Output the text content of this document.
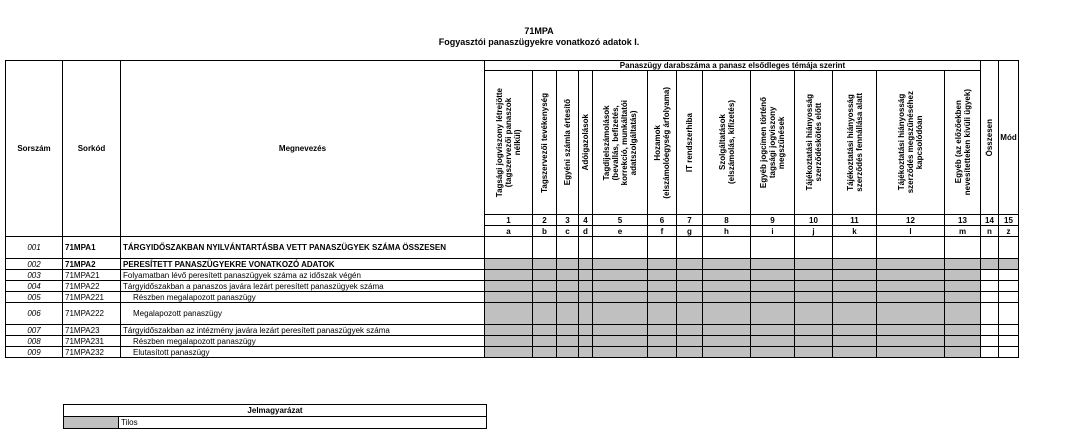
71MPA
Fogyasztói panaszügyekre vonatkozó adatok I.
Sorszám	Sorkód	Megnevezés	Panaszügy darabszáma a panasz elsődleges témája szerint													Összesen	Mód

			Tagsági jogviszony létrejötte
(tagszervezői panaszok
nélkül)	Tagszervezői tevékenység	Egyéni számla értesítő	Adóigazolások	Tagdíjelszámolások
(bevallás, befizetés,
korrekció, munkáltatói
adatszolgáltatás)	Hozamok
(elszámolóegység árfolyama)	IT rendszerhiba	Szolgáltatások
(elszámolás, kifizetés)	Egyéb jogcímen történő
tagsági jogviszony
megszűnések	Tájékoztatási hiányosság
szerződéskötés előtt	Tájékoztatási hiányosság
szerződés fennállása alatt	Tájékoztatási hiányosság
szerződés megszűnéséhez
kapcsolódóan	Egyéb (az előzőekben
nevesítetteken kívüli ügyek)		

			1	2	3	4	5	6	7	8	9	10	11	12	13	14	15
			a	b	c	d	e	f	g	h	i	j	k	l	m	n	z
001	71MPA1	TÁRGYIDŐSZAKBAN NYILVÁNTARTÁSBA VETT PANASZÜGYEK SZÁMA ÖSSZESEN															
002	71MPA2	PERESÍTETT PANASZÜGYEKRE VONATKOZÓ ADATOK															
003	71MPA21	Folyamatban lévő peresített panaszügyek száma az időszak végén															
004	71MPA22	Tárgyidőszakban a panaszos javára lezárt peresített panaszügyek száma															
005	71MPA221	Részben megalapozott panaszügy															
006	71MPA222	Megalapozott panaszügy															
007	71MPA23	Tárgyidőszakban az intézmény javára lezárt peresített panaszügyek száma															
008	71MPA231	Részben megalapozott panaszügy															
009	71MPA232	Elutasított panaszügy															
Jelmagyarázat
	Tilos
